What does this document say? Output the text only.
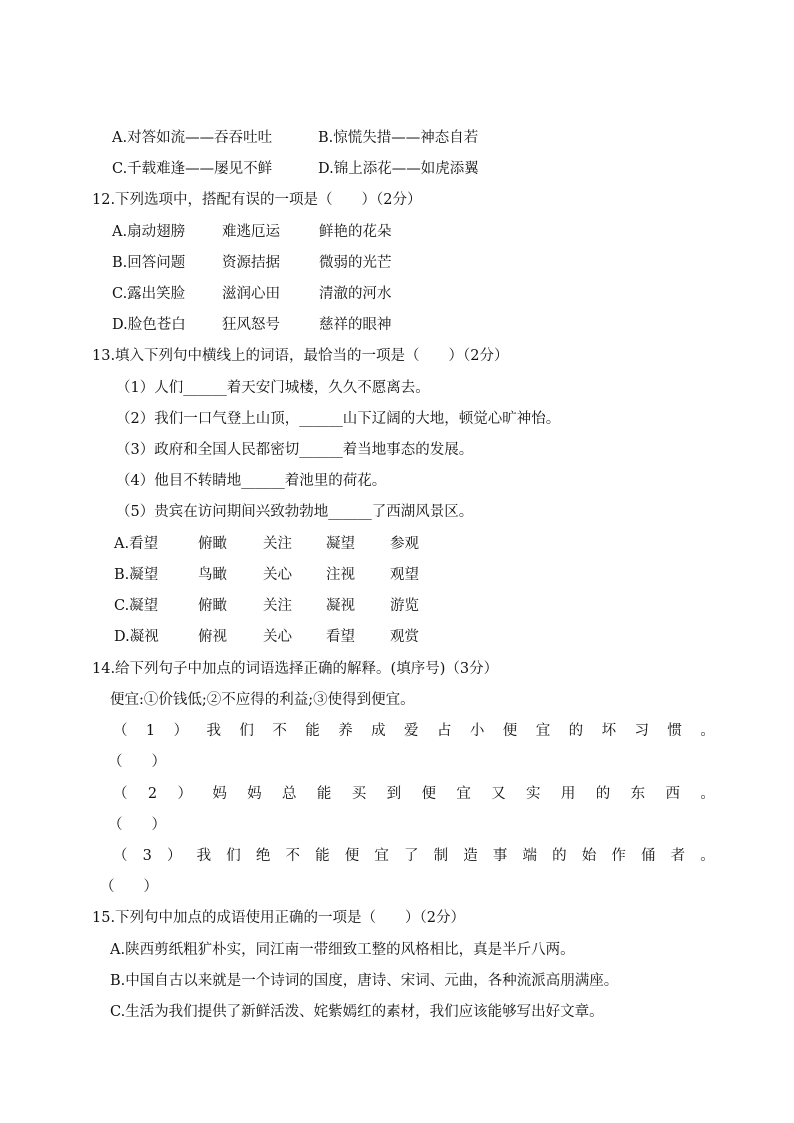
A.对答如流——吞吞吐吐	B.惊慌失措——神态自若
C.千载难逢——屡见不鲜	D.锦上添花——如虎添翼
12.下列选项中，搭配有误的一项是（　　）（2分）
A.扇动翅膀	难逃厄运	鲜艳的花朵
B.回答问题	资源拮据	微弱的光芒
C.露出笑脸	滋润心田	清澈的河水
D.脸色苍白	狂风怒号	慈祥的眼神
13.填入下列句中横线上的词语，最恰当的一项是（　　）（2分）
（1）人们______着天安门城楼，久久不愿离去。
（2）我们一口气登上山顶，______山下辽阔的大地，顿觉心旷神怡。
（3）政府和全国人民都密切______着当地事态的发展。
（4）他目不转睛地______着池里的荷花。
（5）贵宾在访问期间兴致勃勃地______了西湖风景区。
A.看望	俯瞰 关注 凝望 参观
B.凝望	鸟瞰 关心 注视 观望
C.凝望	俯瞰 关注 凝视 游览
D.凝视	俯视 关心 看望 观赏
14.给下列句子中加点的词语选择正确的解释。(填序号)（3分）
便宜:①价钱低;②不应得的利益;③使得到便宜。
（ 1 ） 我 们 不 能 养 成 爱 占 小 便 宜 的 坏 习 惯 。
（　　）
（ 2 ） 妈 妈 总 能 买 到 便 宜 又 实 用 的 东 西 。
（　　）
（ 3 ） 我 们 绝 不 能 便 宜 了 制 造 事 端 的 始 作 俑 者 。
（　　）
15.下列句中加点的成语使用正确的一项是（　　）（2分）
A.陕西剪纸粗犷朴实，同江南一带细致工整的风格相比，真是半斤八两。
B.中国自古以来就是一个诗词的国度，唐诗、宋词、元曲，各种流派高朋满座。
C.生活为我们提供了新鲜活泼、姹紫嫣红的素材，我们应该能够写出好文章。
